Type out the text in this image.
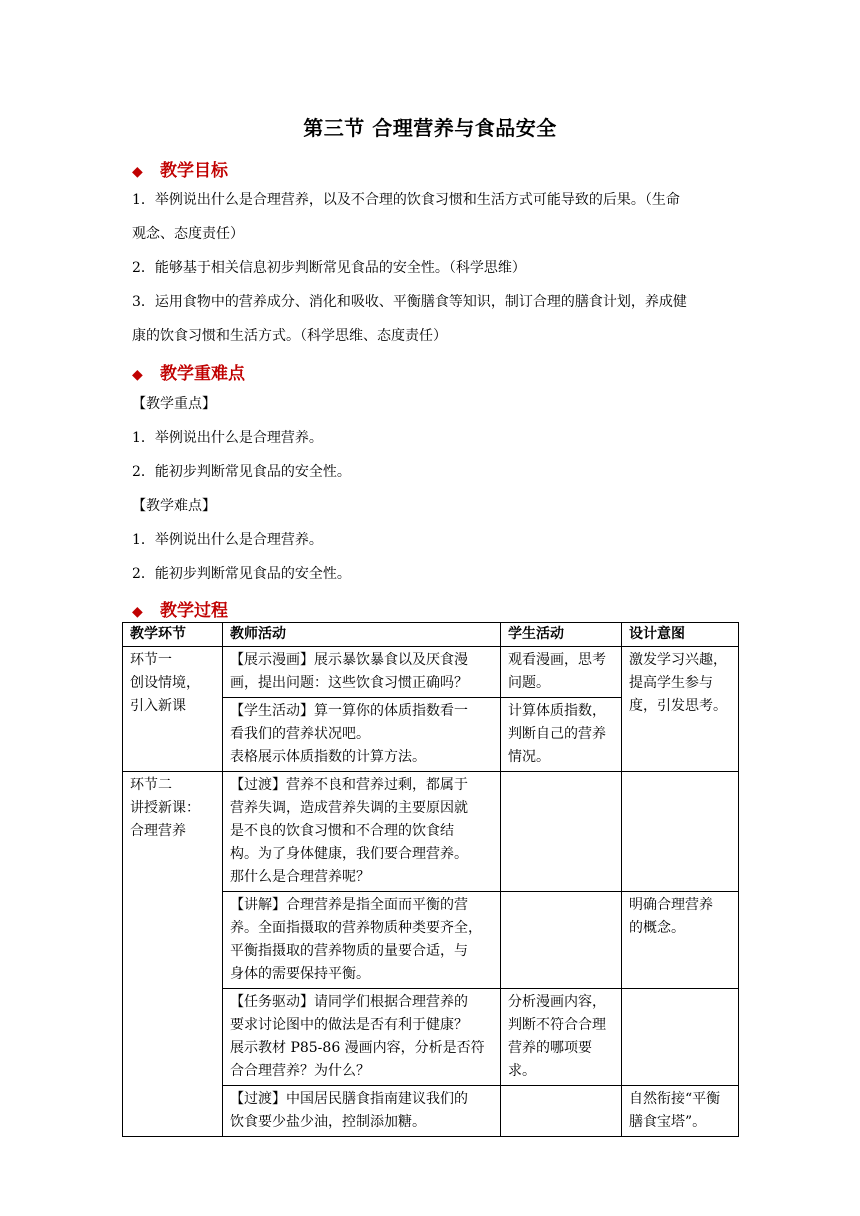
第三节 合理营养与食品安全
◆ 教学目标
1．举例说出什么是合理营养，以及不合理的饮食习惯和生活方式可能导致的后果。（生命
观念、态度责任）
2．能够基于相关信息初步判断常见食品的安全性。（科学思维）
3．运用食物中的营养成分、消化和吸收、平衡膳食等知识，制订合理的膳食计划，养成健
康的饮食习惯和生活方式。（科学思维、态度责任）
◆ 教学重难点
【教学重点】
1．举例说出什么是合理营养。
2．能初步判断常见食品的安全性。
【教学难点】
1．举例说出什么是合理营养。
2．能初步判断常见食品的安全性。
◆ 教学过程
教学环节	教师活动	学生活动	设计意图
环节一
创设情境，
引入新课	【展示漫画】展示暴饮暴食以及厌食漫
画，提出问题：这些饮食习惯正确吗？	观看漫画，思考
问题。	激发学习兴趣，
提高学生参与
度，引发思考。
	【学生活动】算一算你的体质指数看一
看我们的营养状况吧。
表格展示体质指数的计算方法。	计算体质指数，
判断自己的营养
情况。	
环节二
讲授新课：
合理营养	【过渡】营养不良和营养过剩，都属于
营养失调，造成营养失调的主要原因就
是不良的饮食习惯和不合理的饮食结
构。为了身体健康，我们要合理营养。
那什么是合理营养呢？		
	【讲解】合理营养是指全面而平衡的营
养。全面指摄取的营养物质种类要齐全，
平衡指摄取的营养物质的量要合适，与
身体的需要保持平衡。		明确合理营养
的概念。
	【任务驱动】请同学们根据合理营养的
要求讨论图中的做法是否有利于健康？
展示教材 P85-86 漫画内容，分析是否符
合合理营养？为什么？	分析漫画内容，
判断不符合合理
营养的哪项要
求。	
	【过渡】中国居民膳食指南建议我们的
饮食要少盐少油，控制添加糖。		自然衔接“平衡
膳食宝塔”。
